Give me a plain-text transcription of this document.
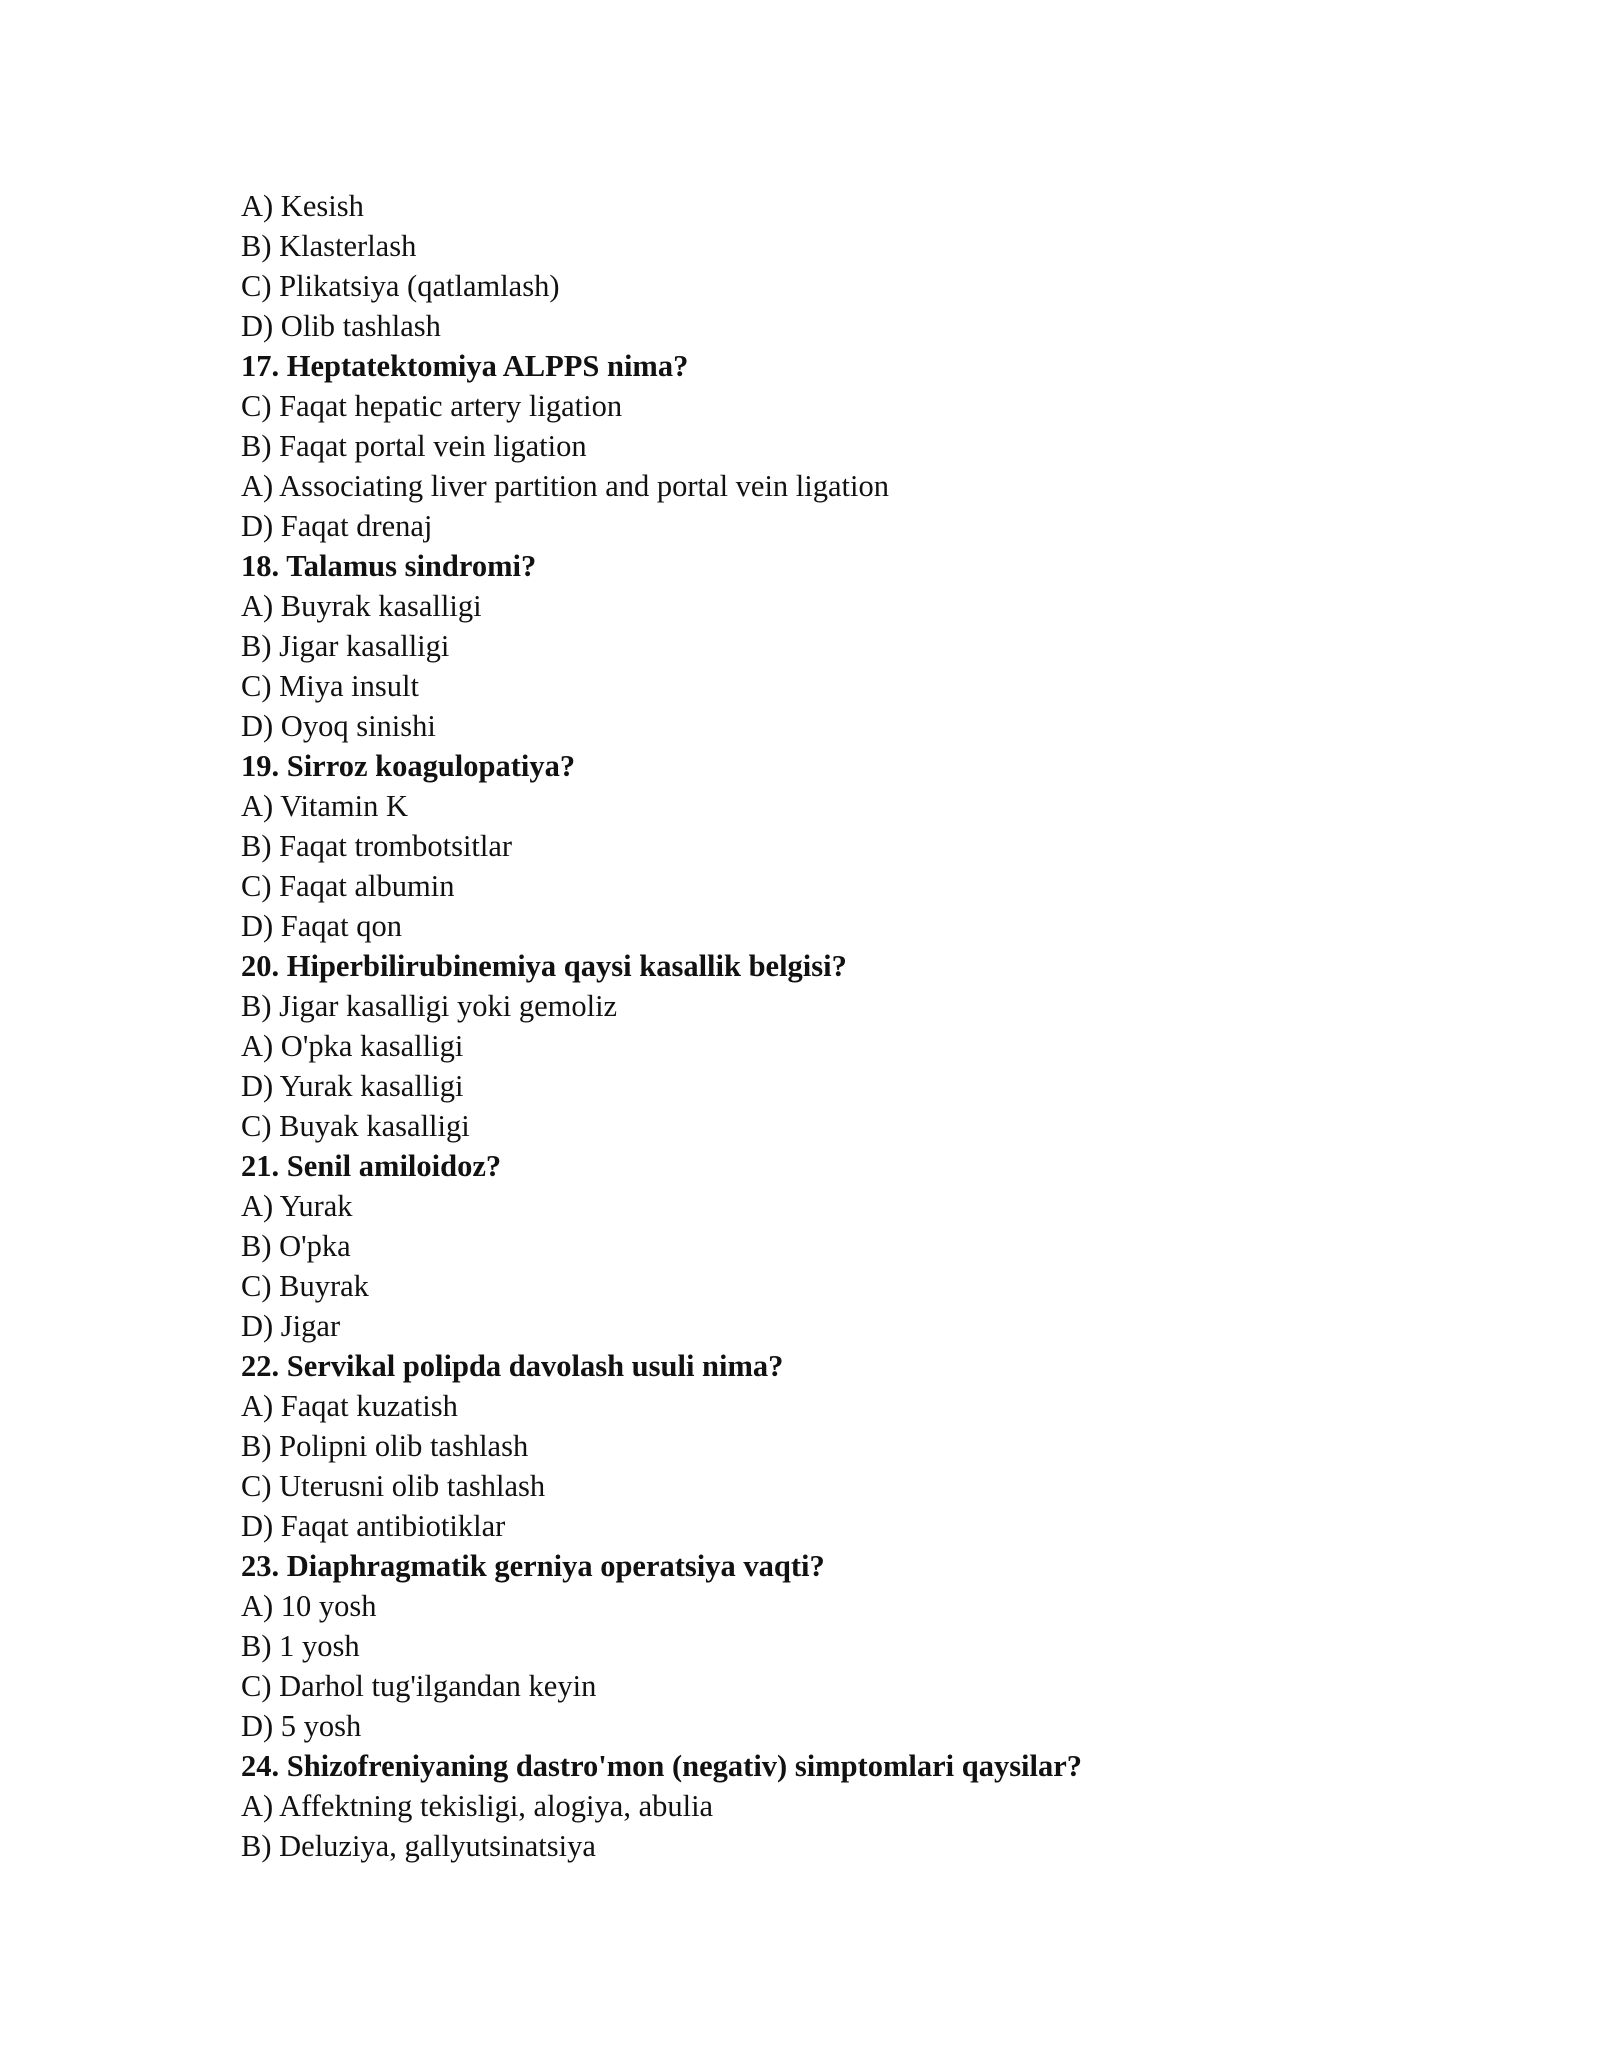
A) Kesish
B) Klasterlash
C) Plikatsiya (qatlamlash)
D) Olib tashlash
17. Heptatektomiya ALPPS nima?
C) Faqat hepatic artery ligation
B) Faqat portal vein ligation
A) Associating liver partition and portal vein ligation
D) Faqat drenaj
18. Talamus sindromi?
A) Buyrak kasalligi
B) Jigar kasalligi
C) Miya insult
D) Oyoq sinishi
19. Sirroz koagulopatiya?
A) Vitamin K
B) Faqat trombotsitlar
C) Faqat albumin
D) Faqat qon
20. Hiperbilirubinemiya qaysi kasallik belgisi?
B) Jigar kasalligi yoki gemoliz
A) O'pka kasalligi
D) Yurak kasalligi
C) Buyak kasalligi
21. Senil amiloidoz?
A) Yurak
B) O'pka
C) Buyrak
D) Jigar
22. Servikal polipda davolash usuli nima?
A) Faqat kuzatish
B) Polipni olib tashlash
C) Uterusni olib tashlash
D) Faqat antibiotiklar
23. Diaphragmatik gerniya operatsiya vaqti?
A) 10 yosh
B) 1 yosh
C) Darhol tug'ilgandan keyin
D) 5 yosh
24. Shizofreniyaning dastro'mon (negativ) simptomlari qaysilar?
A) Affektning tekisligi, alogiya, abulia
B) Deluziya, gallyutsinatsiya
